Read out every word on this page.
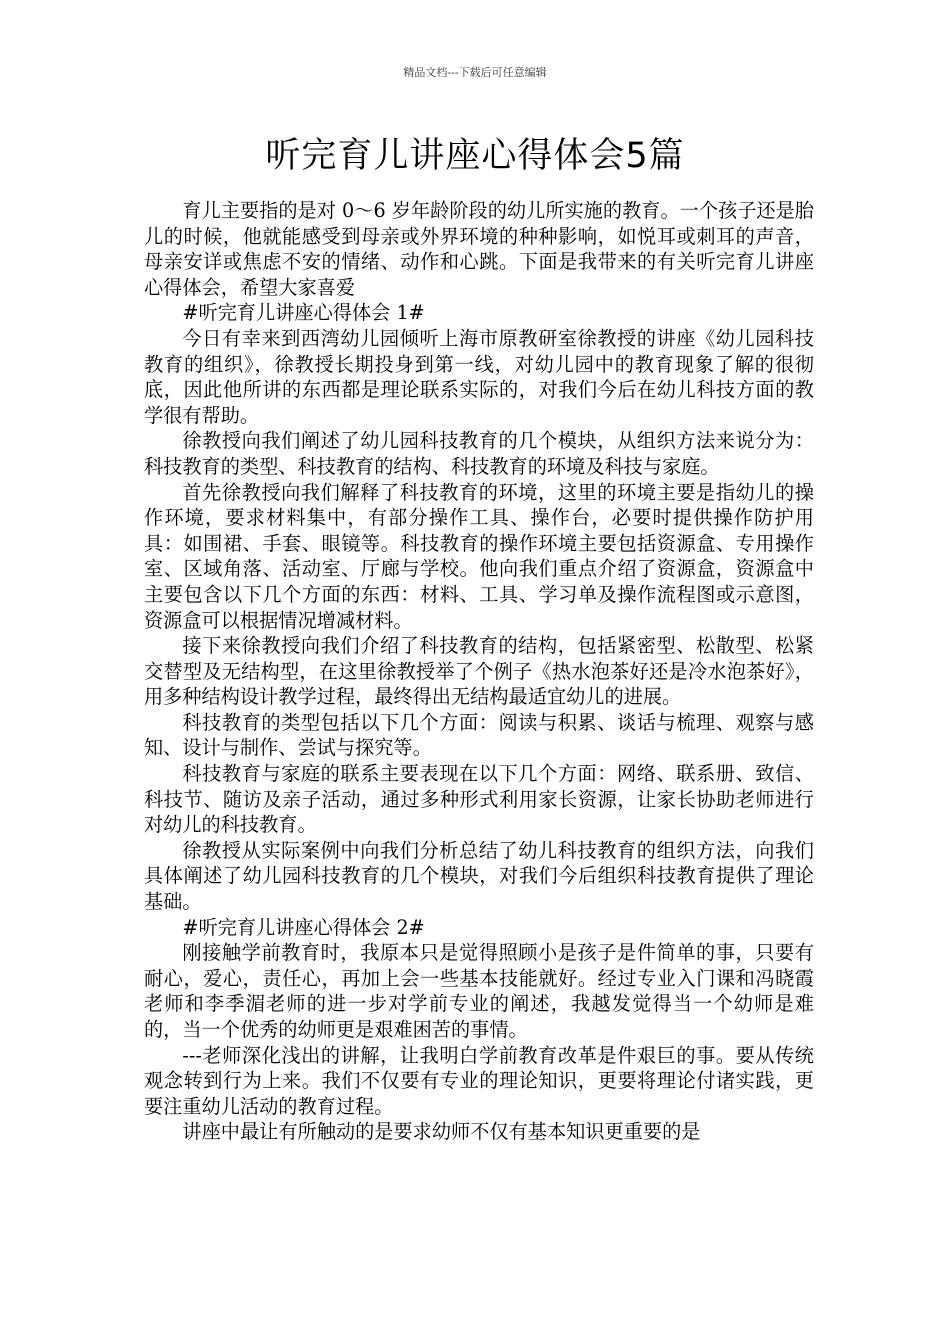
精品文档---下载后可任意编辑
听完育儿讲座心得体会5篇

育儿主要指的是对 0～6 岁年龄阶段的幼儿所实施的教育。一个孩子还是胎儿的时候，他就能感受到母亲或外界环境的种种影响，如悦耳或刺耳的声音，母亲安详或焦虑不安的情绪、动作和心跳。下面是我带来的有关听完育儿讲座心得体会，希望大家喜爱

#听完育儿讲座心得体会 1#

今日有幸来到西湾幼儿园倾听上海市原教研室徐教授的讲座《幼儿园科技教育的组织》，徐教授长期投身到第一线，对幼儿园中的教育现象了解的很彻底，因此他所讲的东西都是理论联系实际的，对我们今后在幼儿科技方面的教学很有帮助。

徐教授向我们阐述了幼儿园科技教育的几个模块，从组织方法来说分为：科技教育的类型、科技教育的结构、科技教育的环境及科技与家庭。

首先徐教授向我们解释了科技教育的环境，这里的环境主要是指幼儿的操作环境，要求材料集中，有部分操作工具、操作台，必要时提供操作防护用具：如围裙、手套、眼镜等。科技教育的操作环境主要包括资源盒、专用操作室、区域角落、活动室、厅廊与学校。他向我们重点介绍了资源盒，资源盒中主要包含以下几个方面的东西：材料、工具、学习单及操作流程图或示意图，资源盒可以根据情况增减材料。

接下来徐教授向我们介绍了科技教育的结构，包括紧密型、松散型、松紧交替型及无结构型，在这里徐教授举了个例子《热水泡茶好还是冷水泡茶好》，用多种结构设计教学过程，最终得出无结构最适宜幼儿的进展。

科技教育的类型包括以下几个方面：阅读与积累、谈话与梳理、观察与感知、设计与制作、尝试与探究等。

科技教育与家庭的联系主要表现在以下几个方面：网络、联系册、致信、科技节、随访及亲子活动，通过多种形式利用家长资源，让家长协助老师进行对幼儿的科技教育。

徐教授从实际案例中向我们分析总结了幼儿科技教育的组织方法，向我们具体阐述了幼儿园科技教育的几个模块，对我们今后组织科技教育提供了理论基础。

#听完育儿讲座心得体会 2#

刚接触学前教育时，我原本只是觉得照顾小是孩子是件简单的事，只要有耐心，爱心，责任心，再加上会一些基本技能就好。经过专业入门课和冯晓霞老师和李季湄老师的进一步对学前专业的阐述，我越发觉得当一个幼师是难的，当一个优秀的幼师更是艰难困苦的事情。

---老师深化浅出的讲解，让我明白学前教育改革是件艰巨的事。要从传统观念转到行为上来。我们不仅要有专业的理论知识，更要将理论付诸实践，更要注重幼儿活动的教育过程。

讲座中最让有所触动的是要求幼师不仅有基本知识更重要的是
